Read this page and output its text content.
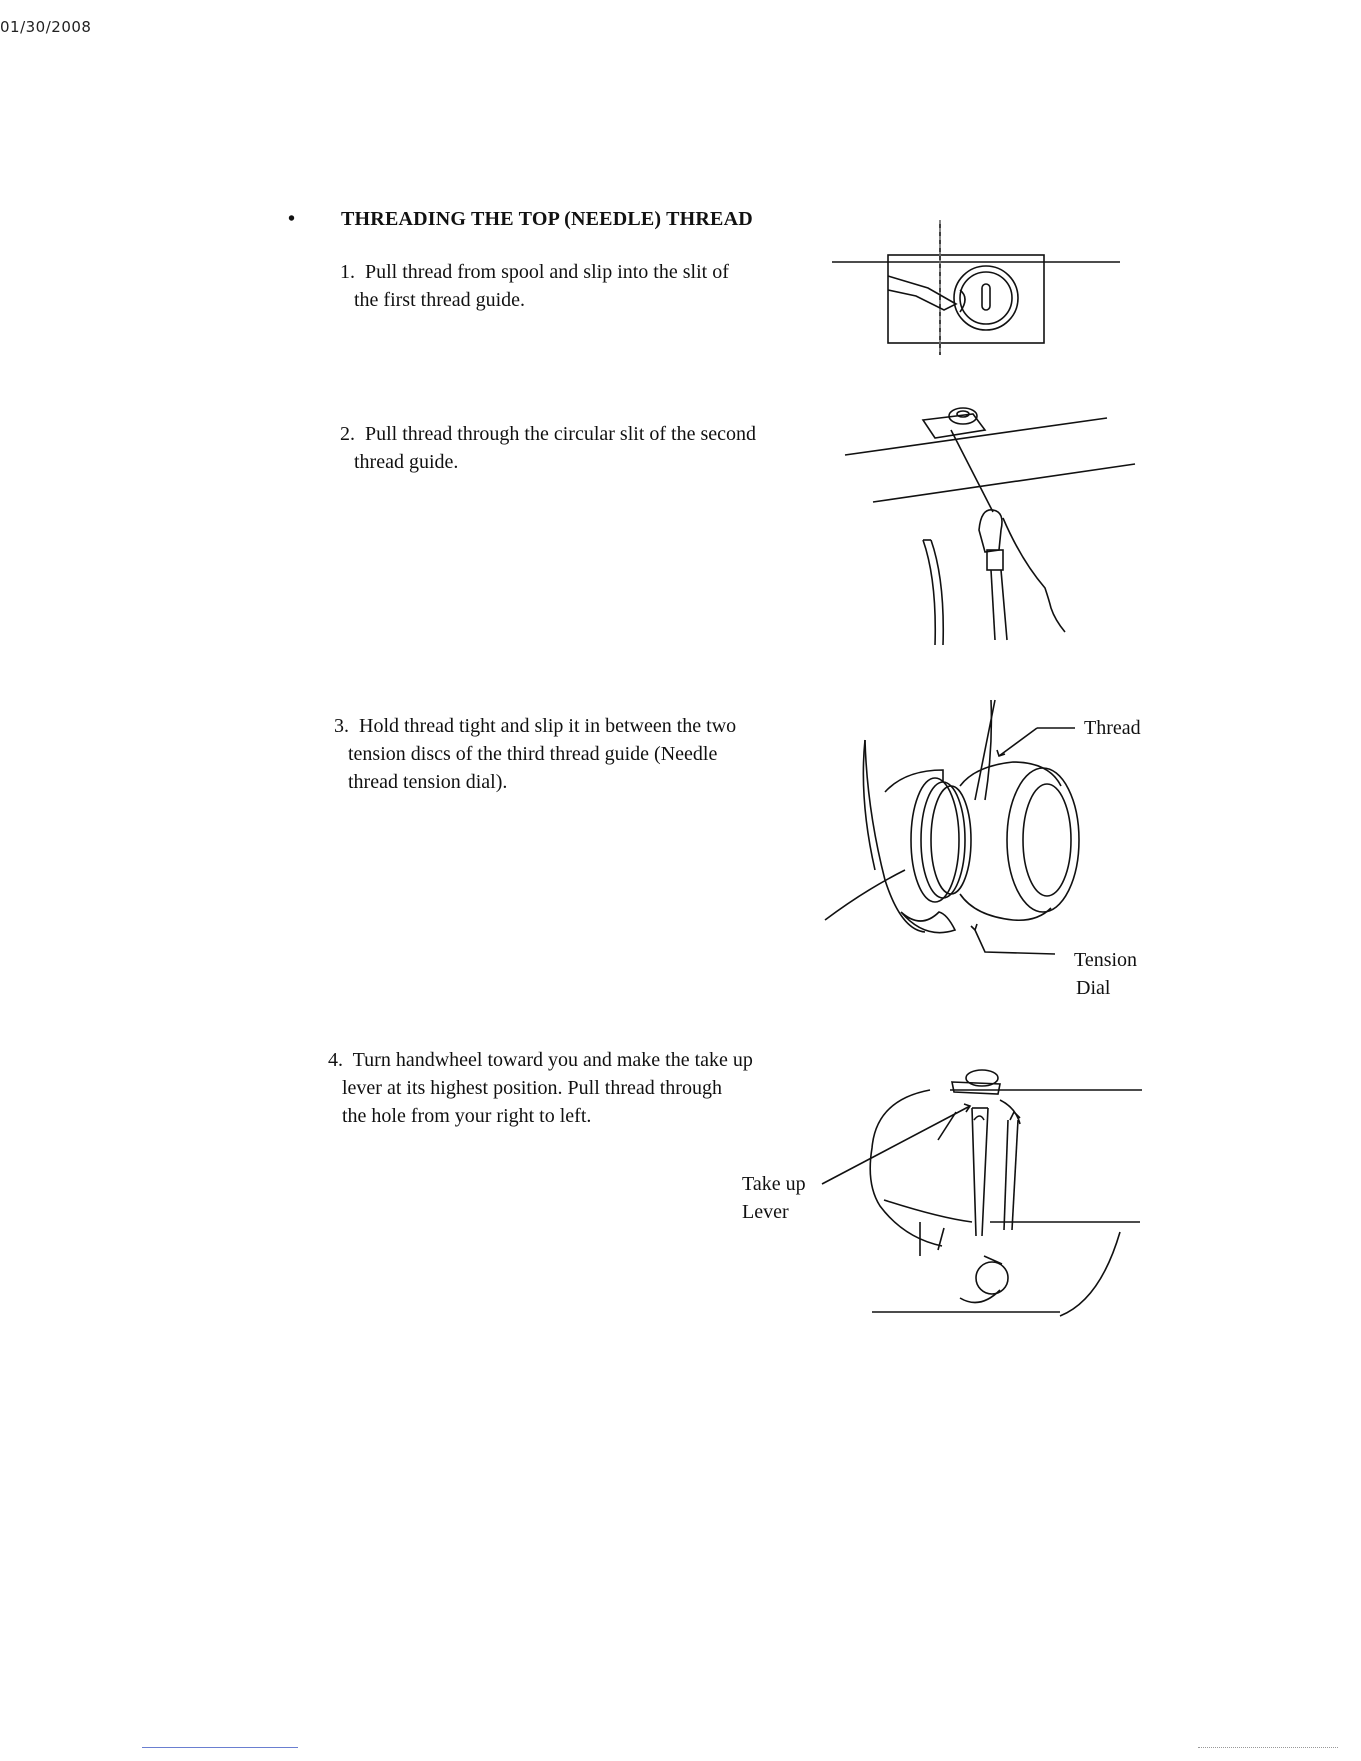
01/30/2008
• THREADING THE TOP (NEEDLE) THREAD
1. Pull thread from spool and slip into the slit of
the first thread guide.
2. Pull thread through the circular slit of the second
thread guide.
3. Hold thread tight and slip it in between the two
tension discs of the third thread guide (Needle
thread tension dial).
4. Turn handwheel toward you and make the take up
lever at its highest position. Pull thread through
the hole from your right to left.
Thread
Tension
Dial
Take up
Lever
